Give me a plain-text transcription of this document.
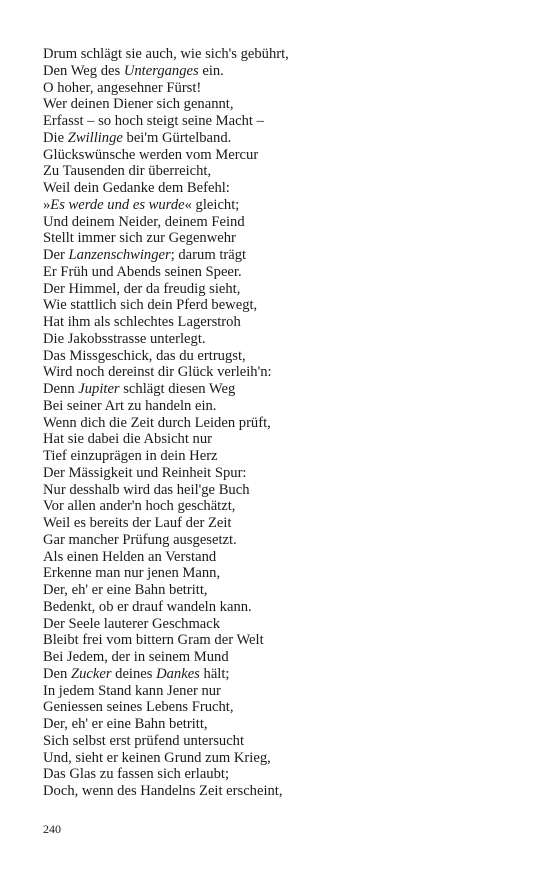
Drum schlägt sie auch, wie sich's gebührt,
Den Weg des Unterganges ein.
O hoher, angesehner Fürst!
Wer deinen Diener sich genannt,
Erfasst – so hoch steigt seine Macht –
Die Zwillinge bei'm Gürtelband.
Glückswünsche werden vom Mercur
Zu Tausenden dir überreicht,
Weil dein Gedanke dem Befehl:
»Es werde und es wurde« gleicht;
Und deinem Neider, deinem Feind
Stellt immer sich zur Gegenwehr
Der Lanzenschwinger; darum trägt
Er Früh und Abends seinen Speer.
Der Himmel, der da freudig sieht,
Wie stattlich sich dein Pferd bewegt,
Hat ihm als schlechtes Lagerstroh
Die Jakobsstrasse unterlegt.
Das Missgeschick, das du ertrugst,
Wird noch dereinst dir Glück verleih'n:
Denn Jupiter schlägt diesen Weg
Bei seiner Art zu handeln ein.
Wenn dich die Zeit durch Leiden prüft,
Hat sie dabei die Absicht nur
Tief einzuprägen in dein Herz
Der Mässigkeit und Reinheit Spur:
Nur desshalb wird das heil'ge Buch
Vor allen ander'n hoch geschätzt,
Weil es bereits der Lauf der Zeit
Gar mancher Prüfung ausgesetzt.
Als einen Helden an Verstand
Erkenne man nur jenen Mann,
Der, eh' er eine Bahn betritt,
Bedenkt, ob er drauf wandeln kann.
Der Seele lauterer Geschmack
Bleibt frei vom bittern Gram der Welt
Bei Jedem, der in seinem Mund
Den Zucker deines Dankes hält;
In jedem Stand kann Jener nur
Geniessen seines Lebens Frucht,
Der, eh' er eine Bahn betritt,
Sich selbst erst prüfend untersucht
Und, sieht er keinen Grund zum Krieg,
Das Glas zu fassen sich erlaubt;
Doch, wenn des Handelns Zeit erscheint,
240
